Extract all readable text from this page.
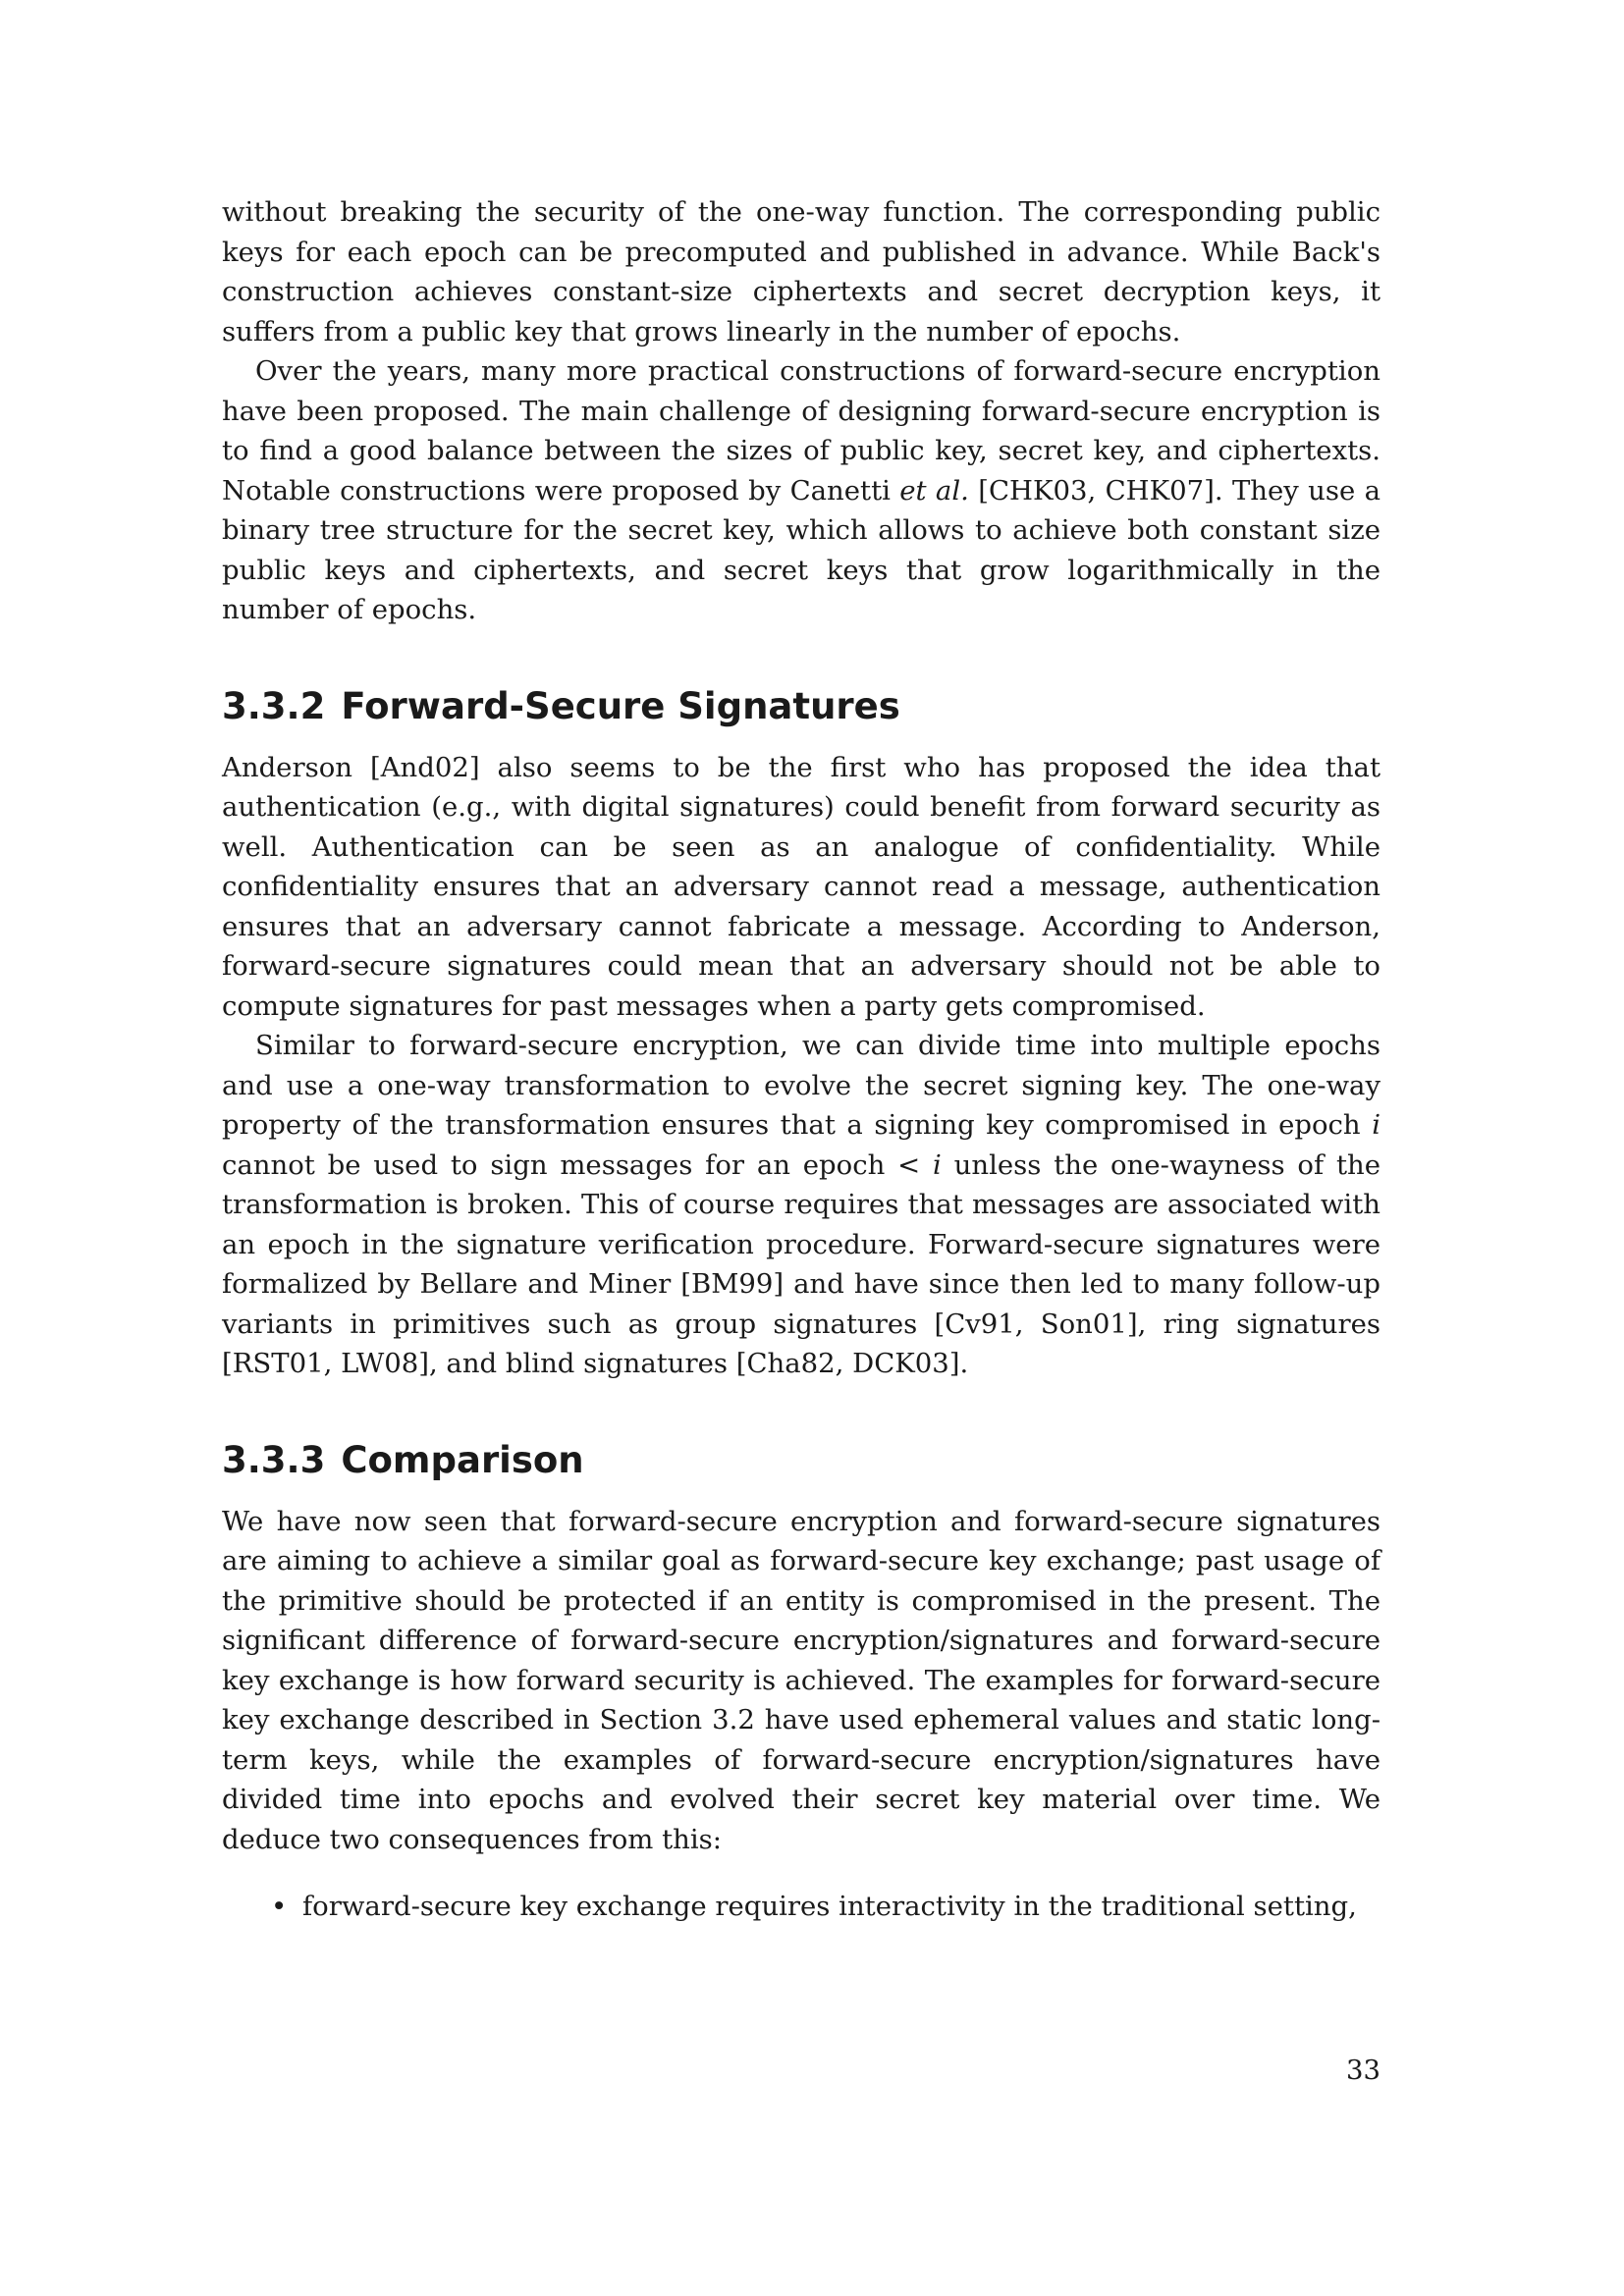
without breaking the security of the one-way function. The corresponding public keys for each epoch can be precomputed and published in advance. While Back's construction achieves constant-size ciphertexts and secret decryption keys, it suffers from a public key that grows linearly in the number of epochs.

Over the years, many more practical constructions of forward-secure encryption have been proposed. The main challenge of designing forward-secure encryption is to find a good balance between the sizes of public key, secret key, and ciphertexts. Notable constructions were proposed by Canetti et al. [CHK03, CHK07]. They use a binary tree structure for the secret key, which allows to achieve both constant size public keys and ciphertexts, and secret keys that grow logarithmically in the number of epochs.

3.3.2 Forward-Secure Signatures

Anderson [And02] also seems to be the first who has proposed the idea that authentication (e.g., with digital signatures) could benefit from forward security as well. Authentication can be seen as an analogue of confidentiality. While confidentiality ensures that an adversary cannot read a message, authentication ensures that an adversary cannot fabricate a message. According to Anderson, forward-secure signatures could mean that an adversary should not be able to compute signatures for past messages when a party gets compromised.

Similar to forward-secure encryption, we can divide time into multiple epochs and use a one-way transformation to evolve the secret signing key. The one-way property of the transformation ensures that a signing key compromised in epoch i cannot be used to sign messages for an epoch < i unless the one-wayness of the transformation is broken. This of course requires that messages are associated with an epoch in the signature verification procedure. Forward-secure signatures were formalized by Bellare and Miner [BM99] and have since then led to many follow-up variants in primitives such as group signatures [Cv91, Son01], ring signatures [RST01, LW08], and blind signatures [Cha82, DCK03].

3.3.3 Comparison

We have now seen that forward-secure encryption and forward-secure signatures are aiming to achieve a similar goal as forward-secure key exchange; past usage of the primitive should be protected if an entity is compromised in the present. The significant difference of forward-secure encryption/signatures and forward-secure key exchange is how forward security is achieved. The examples for forward-secure key exchange described in Section 3.2 have used ephemeral values and static long-term keys, while the examples of forward-secure encryption/signatures have divided time into epochs and evolved their secret key material over time. We deduce two consequences from this:

• forward-secure key exchange requires interactivity in the traditional setting,
33
